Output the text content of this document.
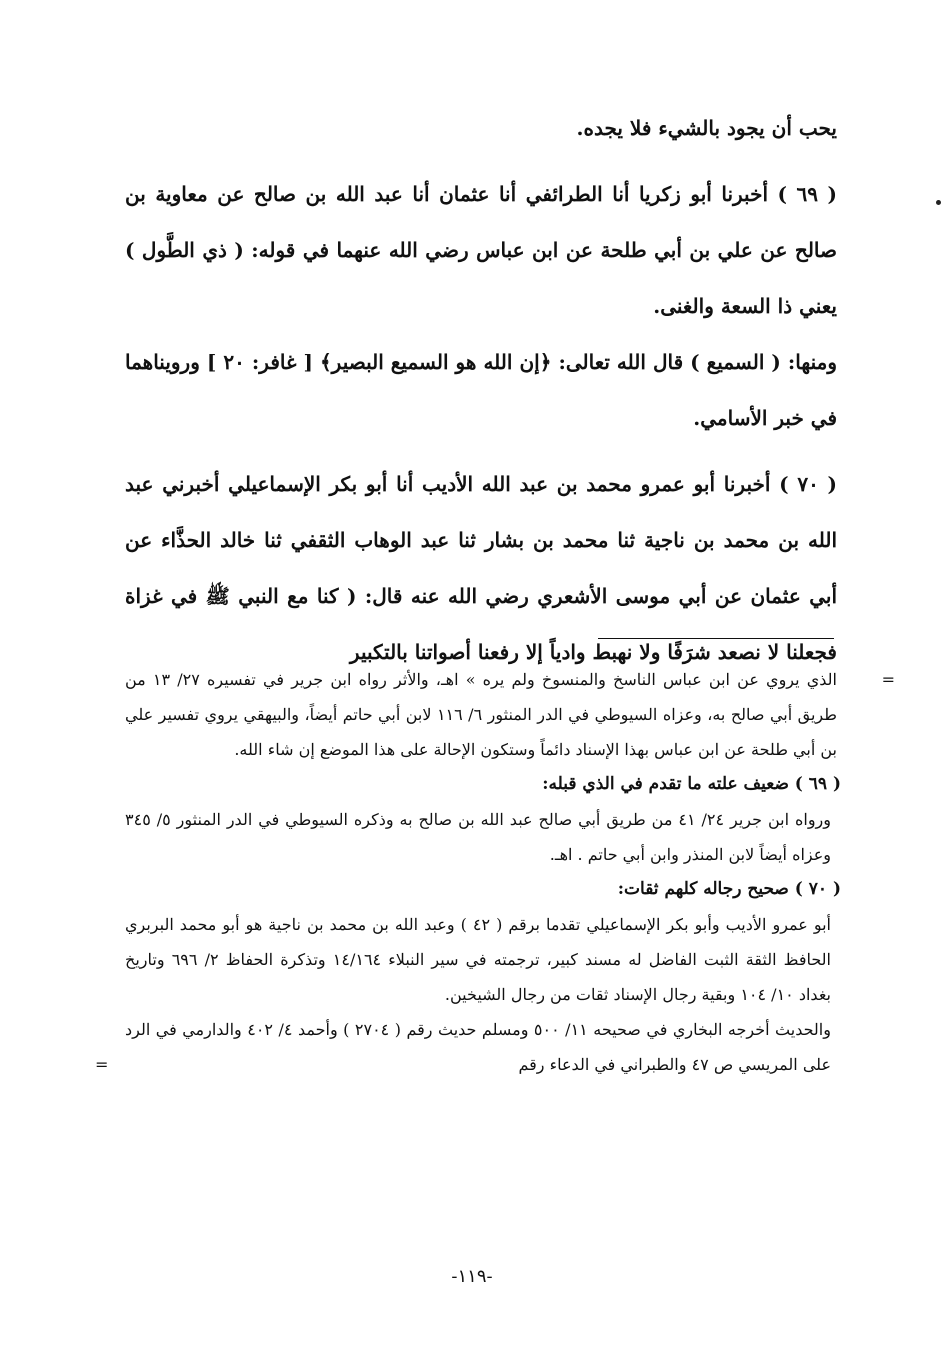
يحب أن يجود بالشيء فلا يجده.

( ٦٩ ) أخبرنا أبو زكريا أنا الطرائفي أنا عثمان أنا عبد الله بن صالح عن معاوية بن صالح عن علي بن أبي طلحة عن ابن عباس رضي الله عنهما في قوله: ( ذي الطَّول ) يعني ذا السعة والغنى.

ومنها: ( السميع ) قال الله تعالى: ﴿إن الله هو السميع البصير﴾ [ غافر: ٢٠ ] ورويناهما في خبر الأسامي.

( ٧٠ ) أخبرنا أبو عمرو محمد بن عبد الله الأديب أنا أبو بكر الإسماعيلي أخبرني عبد الله بن محمد بن ناجية ثنا محمد بن بشار ثنا عبد الوهاب الثقفي ثنا خالد الحذَّاء عن أبي عثمان عن أبي موسى الأشعري رضي الله عنه قال: ( كنا مع النبي ﷺ في غزاة فجعلنا لا نصعد شرَفًا ولا نهبط وادياً إلا رفعنا أصواتنا بالتكبير

=
الذي يروي عن ابن عباس الناسخ والمنسوخ ولم يره » اهـ، والأثر رواه ابن جرير في تفسيره ٢٧/ ١٣ من طريق أبي صالح به، وعزاه السيوطي في الدر المنثور ٦/ ١١٦ لابن أبي حاتم أيضاً، والبيهقي يروي تفسير علي بن أبي طلحة عن ابن عباس بهذا الإسناد دائماً وستكون الإحالة على هذا الموضع إن شاء الله.

( ٦٩ ) ضعيف علته ما تقدم في الذي قبله:

ورواه ابن جرير ٢٤/ ٤١ من طريق أبي صالح عبد الله بن صالح به وذكره السيوطي في الدر المنثور ٥/ ٣٤٥ وعزاه أيضاً لابن المنذر وابن أبي حاتم . اهـ.

( ٧٠ ) صحيح رجاله كلهم ثقات:

أبو عمرو الأديب وأبو بكر الإسماعيلي تقدما برقم ( ٤٢ ) وعبد الله بن محمد بن ناجية هو أبو محمد البربري الحافظ الثقة الثبت الفاضل له مسند كبير، ترجمته في سير النبلاء ١٤/١٦٤ وتذكرة الحفاظ ٢/ ٦٩٦ وتاريخ بغداد ١٠/ ١٠٤ وبقية رجال الإسناد ثقات من رجال الشيخين.

والحديث أخرجه البخاري في صحيحه ١١/ ٥٠٠ ومسلم حديث رقم ( ٢٧٠٤ ) وأحمد ٤/ ٤٠٢ والدارمي في الرد على المريسي ص ٤٧ والطبراني في الدعاء رقم
=

-١١٩-
